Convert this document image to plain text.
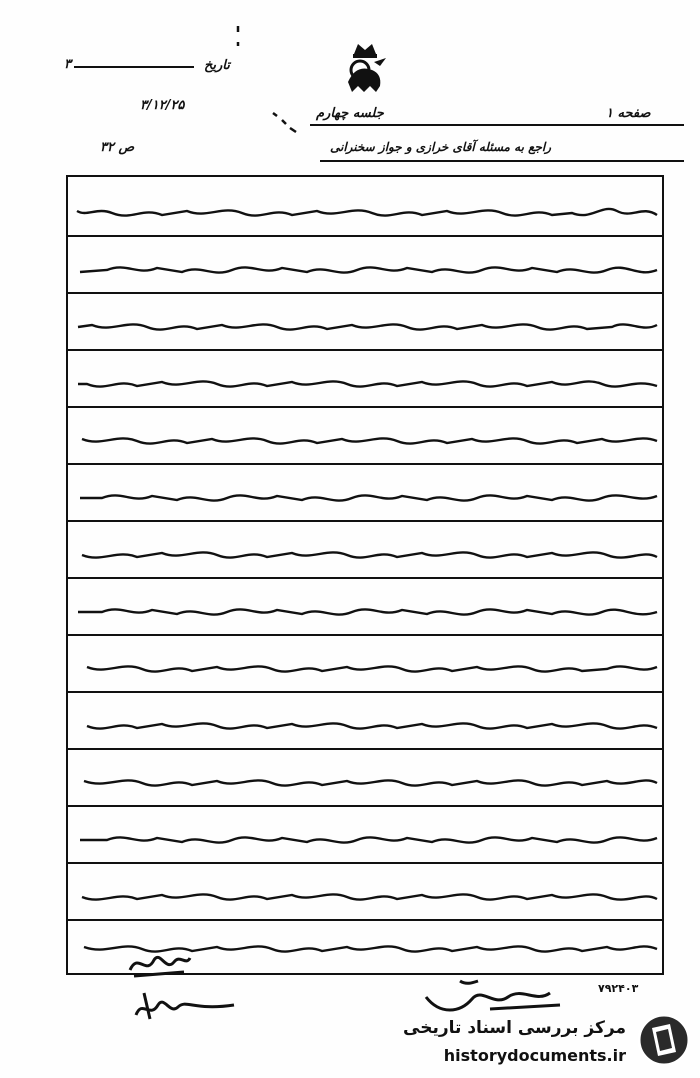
تاریخ
۳
۳/۱۲/۲۵
جلسه چهارم	صفحه ۱
راجع به مسئله آقای خرازی و جواز سخنرانی
ص ۳۲
۷۹۲۴۰۳
مرکز بررسی اسناد تاریخی
historydocuments.ir
